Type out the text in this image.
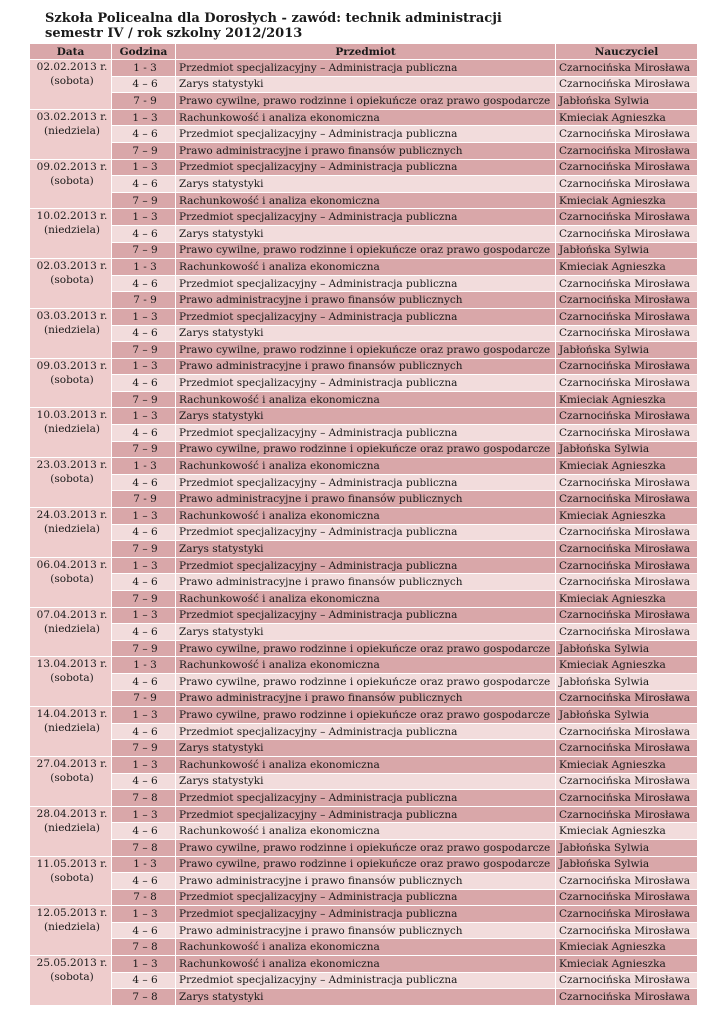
Szkoła Policealna dla Dorosłych - zawód: technik administracji
semestr IV / rok szkolny 2012/2013
Data	Godzina	Przedmiot	Nauczyciel

02.02.2013 r.
(sobota)	1 - 3	Przedmiot specjalizacyjny – Administracja publiczna	Czarnocińska Mirosława
	4 – 6	Zarys statystyki	Czarnocińska Mirosława
	7 - 9	Prawo cywilne, prawo rodzinne i opiekuńcze oraz prawo gospodarcze	Jabłońska Sylwia

03.02.2013 r.
(niedziela)	1 – 3	Rachunkowość i analiza ekonomiczna	Kmieciak Agnieszka
	4 – 6	Przedmiot specjalizacyjny – Administracja publiczna	Czarnocińska Mirosława
	7 – 9	Prawo administracyjne i prawo finansów publicznych	Czarnocińska Mirosława

09.02.2013 r.
(sobota)	1 – 3	Przedmiot specjalizacyjny – Administracja publiczna	Czarnocińska Mirosława
	4 – 6	Zarys statystyki	Czarnocińska Mirosława
	7 – 9	Rachunkowość i analiza ekonomiczna	Kmieciak Agnieszka

10.02.2013 r.
(niedziela)	1 – 3	Przedmiot specjalizacyjny – Administracja publiczna	Czarnocińska Mirosława
	4 – 6	Zarys statystyki	Czarnocińska Mirosława
	7 – 9	Prawo cywilne, prawo rodzinne i opiekuńcze oraz prawo gospodarcze	Jabłońska Sylwia

02.03.2013 r.
(sobota)	1 - 3	Rachunkowość i analiza ekonomiczna	Kmieciak Agnieszka
	4 – 6	Przedmiot specjalizacyjny – Administracja publiczna	Czarnocińska Mirosława
	7 - 9	Prawo administracyjne i prawo finansów publicznych	Czarnocińska Mirosława

03.03.2013 r.
(niedziela)	1 – 3	Przedmiot specjalizacyjny – Administracja publiczna	Czarnocińska Mirosława
	4 – 6	Zarys statystyki	Czarnocińska Mirosława
	7 – 9	Prawo cywilne, prawo rodzinne i opiekuńcze oraz prawo gospodarcze	Jabłońska Sylwia

09.03.2013 r.
(sobota)	1 – 3	Prawo administracyjne i prawo finansów publicznych	Czarnocińska Mirosława
	4 – 6	Przedmiot specjalizacyjny – Administracja publiczna	Czarnocińska Mirosława
	7 – 9	Rachunkowość i analiza ekonomiczna	Kmieciak Agnieszka

10.03.2013 r.
(niedziela)	1 – 3	Zarys statystyki	Czarnocińska Mirosława
	4 – 6	Przedmiot specjalizacyjny – Administracja publiczna	Czarnocińska Mirosława
	7 – 9	Prawo cywilne, prawo rodzinne i opiekuńcze oraz prawo gospodarcze	Jabłońska Sylwia

23.03.2013 r.
(sobota)	1 - 3	Rachunkowość i analiza ekonomiczna	Kmieciak Agnieszka
	4 – 6	Przedmiot specjalizacyjny – Administracja publiczna	Czarnocińska Mirosława
	7 - 9	Prawo administracyjne i prawo finansów publicznych	Czarnocińska Mirosława

24.03.2013 r.
(niedziela)	1 – 3	Rachunkowość i analiza ekonomiczna	Kmieciak Agnieszka
	4 – 6	Przedmiot specjalizacyjny – Administracja publiczna	Czarnocińska Mirosława
	7 – 9	Zarys statystyki	Czarnocińska Mirosława

06.04.2013 r.
(sobota)	1 – 3	Przedmiot specjalizacyjny – Administracja publiczna	Czarnocińska Mirosława
	4 – 6	Prawo administracyjne i prawo finansów publicznych	Czarnocińska Mirosława
	7 – 9	Rachunkowość i analiza ekonomiczna	Kmieciak Agnieszka

07.04.2013 r.
(niedziela)	1 – 3	Przedmiot specjalizacyjny – Administracja publiczna	Czarnocińska Mirosława
	4 – 6	Zarys statystyki	Czarnocińska Mirosława
	7 – 9	Prawo cywilne, prawo rodzinne i opiekuńcze oraz prawo gospodarcze	Jabłońska Sylwia

13.04.2013 r.
(sobota)	1 - 3	Rachunkowość i analiza ekonomiczna	Kmieciak Agnieszka
	4 – 6	Prawo cywilne, prawo rodzinne i opiekuńcze oraz prawo gospodarcze	Jabłońska Sylwia
	7 - 9	Prawo administracyjne i prawo finansów publicznych	Czarnocińska Mirosława

14.04.2013 r.
(niedziela)	1 – 3	Prawo cywilne, prawo rodzinne i opiekuńcze oraz prawo gospodarcze	Jabłońska Sylwia
	4 – 6	Przedmiot specjalizacyjny – Administracja publiczna	Czarnocińska Mirosława
	7 – 9	Zarys statystyki	Czarnocińska Mirosława

27.04.2013 r.
(sobota)	1 – 3	Rachunkowość i analiza ekonomiczna	Kmieciak Agnieszka
	4 – 6	Zarys statystyki	Czarnocińska Mirosława
	7 – 8	Przedmiot specjalizacyjny – Administracja publiczna	Czarnocińska Mirosława

28.04.2013 r.
(niedziela)	1 – 3	Przedmiot specjalizacyjny – Administracja publiczna	Czarnocińska Mirosława
	4 – 6	Rachunkowość i analiza ekonomiczna	Kmieciak Agnieszka
	7 – 8	Prawo cywilne, prawo rodzinne i opiekuńcze oraz prawo gospodarcze	Jabłońska Sylwia

11.05.2013 r.
(sobota)	1 - 3	Prawo cywilne, prawo rodzinne i opiekuńcze oraz prawo gospodarcze	Jabłońska Sylwia
	4 – 6	Prawo administracyjne i prawo finansów publicznych	Czarnocińska Mirosława
	7 - 8	Przedmiot specjalizacyjny – Administracja publiczna	Czarnocińska Mirosława

12.05.2013 r.
(niedziela)	1 – 3	Przedmiot specjalizacyjny – Administracja publiczna	Czarnocińska Mirosława
	4 – 6	Prawo administracyjne i prawo finansów publicznych	Czarnocińska Mirosława
	7 – 8	Rachunkowość i analiza ekonomiczna	Kmieciak Agnieszka

25.05.2013 r.
(sobota)	1 – 3	Rachunkowość i analiza ekonomiczna	Kmieciak Agnieszka
	4 – 6	Przedmiot specjalizacyjny – Administracja publiczna	Czarnocińska Mirosława
	7 – 8	Zarys statystyki	Czarnocińska Mirosława
